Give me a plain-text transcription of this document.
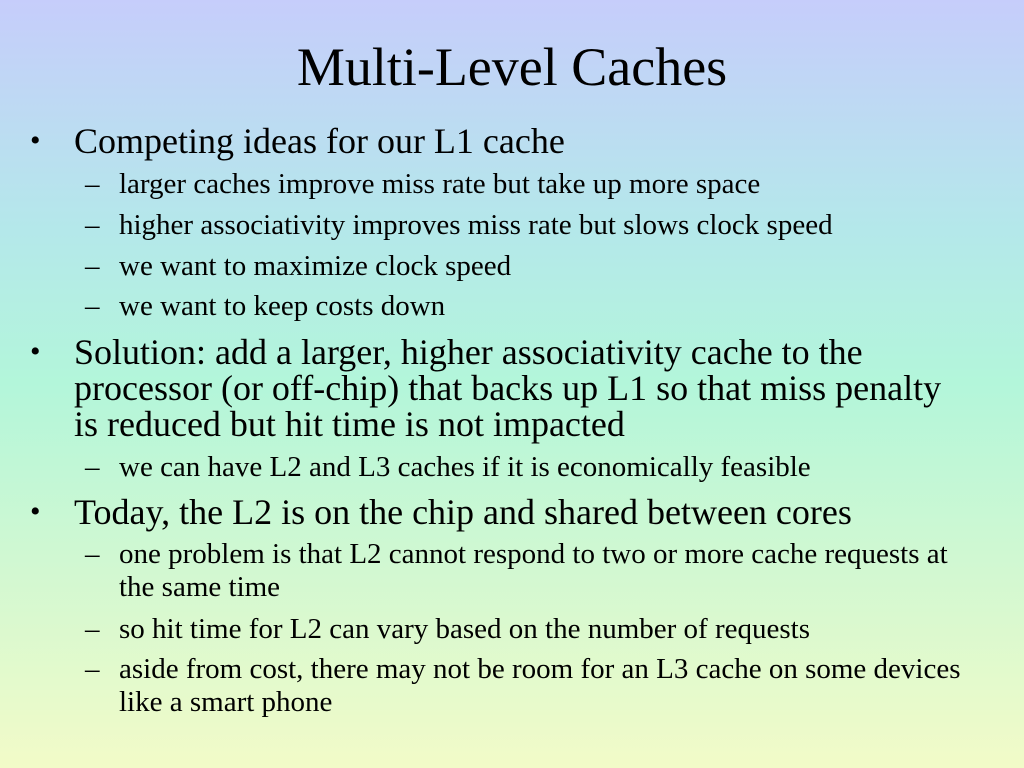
Multi-Level Caches
• Competing ideas for our L1 cache
– larger caches improve miss rate but take up more space
– higher associativity improves miss rate but slows clock speed
– we want to maximize clock speed
– we want to keep costs down
• Solution: add a larger, higher associativity cache to the processor (or off-chip) that backs up L1 so that miss penalty is reduced but hit time is not impacted
– we can have L2 and L3 caches if it is economically feasible
• Today, the L2 is on the chip and shared between cores
– one problem is that L2 cannot respond to two or more cache requests at the same time
– so hit time for L2 can vary based on the number of requests
– aside from cost, there may not be room for an L3 cache on some devices like a smart phone
